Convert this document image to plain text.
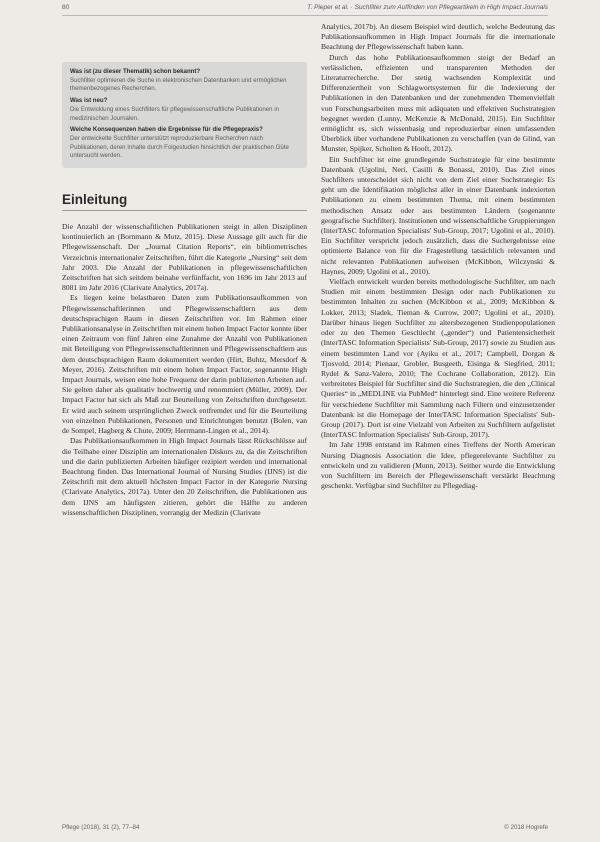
80	T. Pieper et al. · Suchfilter zum Auffinden von Pflegeartikeln in High Impact Journals
Was ist (zu dieser Thematik) schon bekannt?
Suchfilter optimieren die Suche in elektronischen Datenbanken und ermöglichen themenbezogenes Recherchen.
Was ist neu?
Die Entwicklung eines Suchfilters für pflegewissenschaftliche Publikationen in medizinischen Journalen.
Welche Konsequenzen haben die Ergebnisse für die Pflegepraxis?
Der entwickelte Suchfilter unterstützt reproduzierbare Recherchen nach Publikationen, deren Inhalte durch Folgestudien hinsichtlich der praktischen Güte untersucht werden.
Einleitung

Die Anzahl der wissenschaftlichen Publikationen steigt in allen Disziplinen kontinuierlich an (Bornmann & Mutz, 2015). Diese Aussage gilt auch für die Pflegewissenschaft. Der „Journal Citation Reports“, ein bibliometrisches Verzeichnis internationaler Zeitschriften, führt die Kategorie „Nursing“ seit dem Jahr 2003. Die Anzahl der Publikationen in pflegewissenschaftlichen Zeitschriften hat sich seitdem beinahe verfünffacht, von 1696 im Jahr 2013 auf 8081 im Jahr 2016 (Clarivate Analytics, 2017a).

Es liegen keine belastbaren Daten zum Publikationsaufkommen von Pflegewissenschaftlerinnen und Pflegewissenschaftlern aus dem deutschsprachigen Raum in diesen Zeitschriften vor. Im Rahmen einer Publikationsanalyse in Zeitschriften mit einem hohen Impact Factor konnte über einen Zeitraum von fünf Jahren eine Zunahme der Anzahl von Publikationen mit Beteiligung von Pflegewissenschaftlerinnen und Pflegewissenschaftlern aus dem deutschsprachigen Raum dokumentiert werden (Hirt, Buhtz, Mersdorf & Meyer, 2016). Zeitschriften mit einem hohen Impact Factor, sogenannte High Impact Journals, weisen eine hohe Frequenz der darin publizierten Arbeiten auf. Sie gelten daher als qualitativ hochwertig und renommiert (Müller, 2009). Der Impact Factor hat sich als Maß zur Beurteilung von Zeitschriften durchgesetzt. Er wird auch seinem ursprünglichen Zweck entfremdet und für die Beurteilung von einzelnen Publikationen, Personen und Einrichtungen benutzt (Bolen, van de Sompel, Hagberg & Chute, 2009; Herrmann-Lingen et al., 2014).

Das Publikationsaufkommen in High Impact Journals lässt Rückschlüsse auf die Teilhabe einer Disziplin am internationalen Diskurs zu, da die Zeitschriften und die darin publizierten Arbeiten häufiger rezipiert werden und international Beachtung finden. Das International Journal of Nursing Studies (IJNS) ist die Zeitschrift mit dem aktuell höchsten Impact Factor in der Kategorie Nursing (Clarivate Analytics, 2017a). Unter den 20 Zeitschriften, die Publikationen aus dem IJNS am häufigsten zitieren, gehört die Hälfte zu anderen wissenschaftlichen Disziplinen, vorrangig der Medizin (Clarivate

Analytics, 2017b). An diesem Beispiel wird deutlich, welche Bedeutung das Publikationsaufkommen in High Impact Journals für die internationale Beachtung der Pflegewissenschaft haben kann.

Durch das hohe Publikationsaufkommen steigt der Bedarf an verlässlichen, effizienten und transparenten Methoden der Literaturrecherche. Der stetig wachsenden Komplexität und Differenziertheit von Schlagwortsystemen für die Indexierung der Publikationen in den Datenbanken und der zunehmenden Themenvielfalt von Forschungsarbeiten muss mit adäquaten und effektiven Suchstrategien begegnet werden (Lunny, McKenzie & McDonald, 2015). Ein Suchfilter ermöglicht es, sich wissenbasig und reproduzierbar einen umfassenden Überblick über vorhandene Publikationen zu verschaffen (van de Glind, van Munster, Spijker, Scholten & Hooft, 2012).

Ein Suchfilter ist eine grundlegende Suchstrategie für eine bestimmte Datenbank (Ugolini, Neri, Casilli & Bonassi, 2010). Das Ziel eines Suchfilters unterscheidet sich nicht von dem Ziel einer Suchstrategie: Es geht um die Identifikation möglichst aller in einer Datenbank indexierten Publikationen zu einem bestimmten Thema, mit einem bestimmten methodischen Ansatz oder aus bestimmten Ländern (sogenannte geografische Suchfilter). Institutionen und wissenschaftliche Gruppierungen (InterTASC Information Specialists' Sub-Group, 2017; Ugolini et al., 2010). Ein Suchfilter verspricht jedoch zusätzlich, dass die Suchergebnisse eine optimierte Balance von für die Fragestellung tatsächlich relevanten und nicht relevanten Publikationen aufweisen (McKibbon, Wilczynski & Haynes, 2009; Ugolini et al., 2010).

Vielfach entwickelt wurden bereits methodologische Suchfilter, um nach Studien mit einem bestimmten Design oder nach Publikationen zu bestimmten Inhalten zu suchen (McKibbon et al., 2009; McKibbon & Lokker, 2013; Sladek, Tieman & Currow, 2007; Ugolini et al., 2010). Darüber hinaus liegen Suchfilter zu altersbezogenen Studienpopulationen oder zu den Themen Geschlecht („gender“) und Patientensicherheit (InterTASC Information Specialists' Sub-Group, 2017) sowie zu Studien aus einem bestimmten Land vor (Ayiku et al., 2017; Campbell, Dorgan & Tjosvold, 2014; Pienaar, Grobler, Busgeeth, Eisinga & Siegfried, 2011; Rydel & Sanz-Valero, 2010; The Cochrane Collaboration, 2012). Ein verbreitetes Beispiel für Suchfilter sind die Suchstrategien, die den „Clinical Queries“ in „MEDLINE via PubMed“ hinterlegt sind. Eine weitere Referenz für verschiedene Suchfilter mit Sammlung nach Filtern und einzusetzender Datenbank ist die Homepage der InterTASC Information Specialists' Sub-Group (2017). Dort ist eine Vielzahl von Arbeiten zu Suchfiltern aufgelistet (InterTASC Information Specialists' Sub-Group, 2017).

Im Jahr 1998 entstand im Rahmen eines Treffens der North American Nursing Diagnosis Association die Idee, pflegerelevante Suchfilter zu entwickeln und zu validieren (Munn, 2013). Seither wurde die Entwicklung von Suchfiltern im Bereich der Pflegewissenschaft verstärkt Beachtung geschenkt. Verfügbar sind Suchfilter zu Pflegediag-

Pflege (2018), 31 (2), 77–84	© 2018 Hogrefe
